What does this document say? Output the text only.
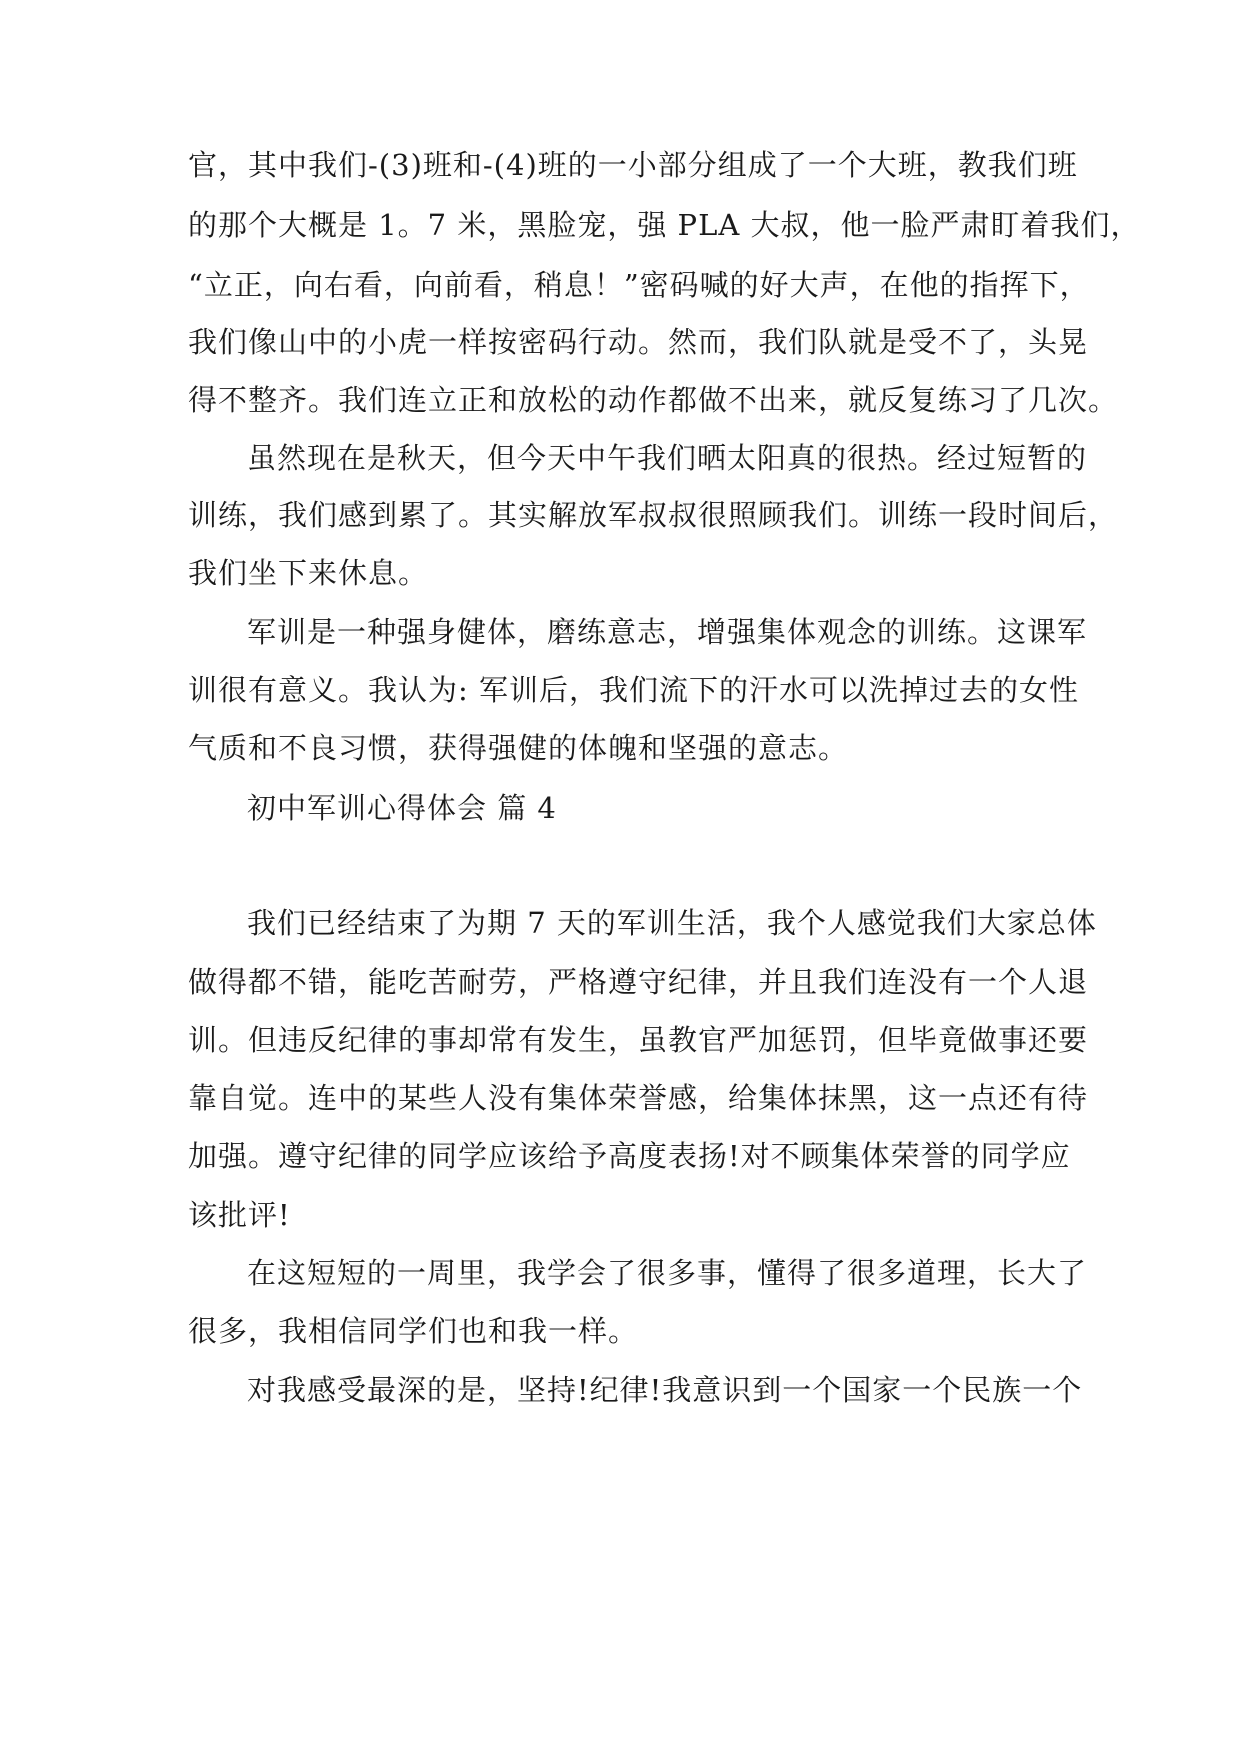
官，其中我们-(3)班和-(4)班的一小部分组成了一个大班，教我们班
的那个大概是 1。7 米，黑脸宠，强 PLA 大叔，他一脸严肃盯着我们，
“立正，向右看，向前看，稍息！”密码喊的好大声，在他的指挥下，
我们像山中的小虎一样按密码行动。然而，我们队就是受不了，头晃
得不整齐。我们连立正和放松的动作都做不出来，就反复练习了几次。
虽然现在是秋天，但今天中午我们晒太阳真的很热。经过短暂的
训练，我们感到累了。其实解放军叔叔很照顾我们。训练一段时间后，
我们坐下来休息。
军训是一种强身健体，磨练意志，增强集体观念的训练。这课军
训很有意义。我认为: 军训后，我们流下的汗水可以洗掉过去的女性
气质和不良习惯，获得强健的体魄和坚强的意志。
初中军训心得体会 篇 4
我们已经结束了为期 7 天的军训生活，我个人感觉我们大家总体
做得都不错，能吃苦耐劳，严格遵守纪律，并且我们连没有一个人退
训。但违反纪律的事却常有发生，虽教官严加惩罚，但毕竟做事还要
靠自觉。连中的某些人没有集体荣誉感，给集体抹黑，这一点还有待
加强。遵守纪律的同学应该给予高度表扬!对不顾集体荣誉的同学应
该批评!
在这短短的一周里，我学会了很多事，懂得了很多道理，长大了
很多，我相信同学们也和我一样。
对我感受最深的是，坚持!纪律!我意识到一个国家一个民族一个
